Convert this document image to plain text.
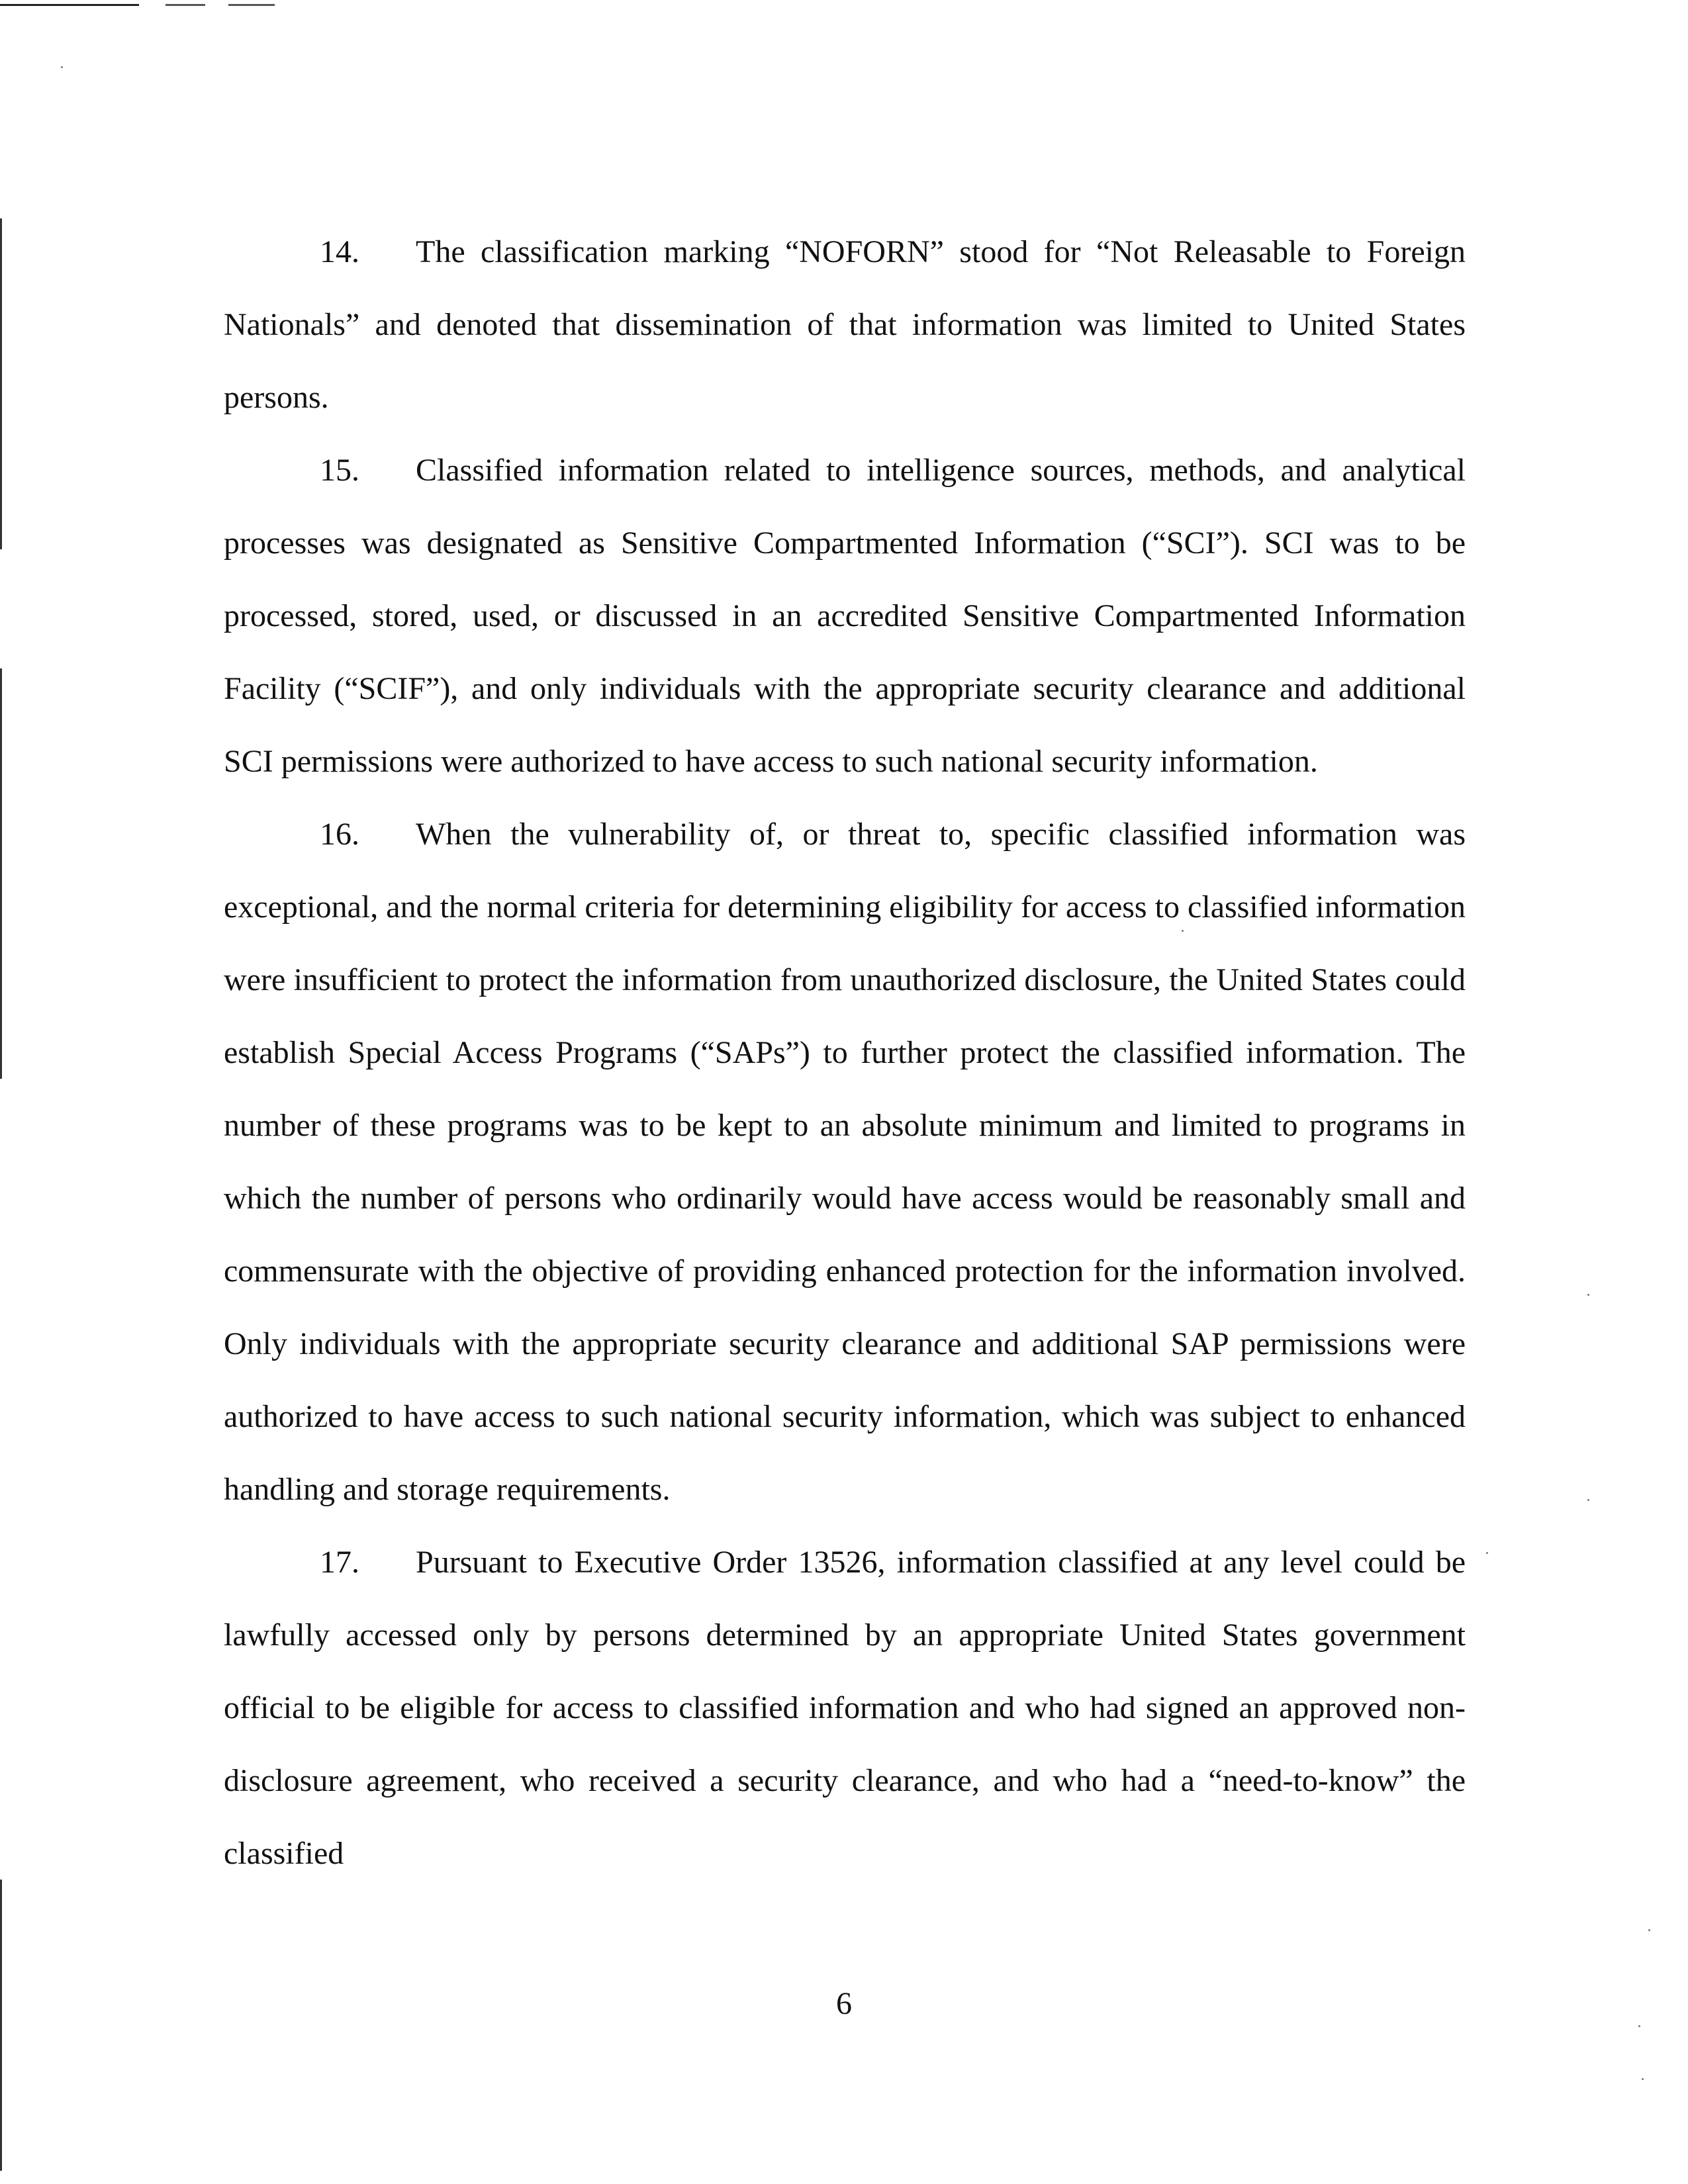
14. The classification marking “NOFORN” stood for “Not Releasable to Foreign Nationals” and denoted that dissemination of that information was limited to United States persons.

15. Classified information related to intelligence sources, methods, and analytical processes was designated as Sensitive Compartmented Information (“SCI”). SCI was to be processed, stored, used, or discussed in an accredited Sensitive Compartmented Information Facility (“SCIF”), and only individuals with the appropriate security clearance and additional SCI permissions were authorized to have access to such national security information.

16. When the vulnerability of, or threat to, specific classified information was exceptional, and the normal criteria for determining eligibility for access to classified information were insufficient to protect the information from unauthorized disclosure, the United States could establish Special Access Programs (“SAPs”) to further protect the classified information. The number of these programs was to be kept to an absolute minimum and limited to programs in which the number of persons who ordinarily would have access would be reasonably small and commensurate with the objective of providing enhanced protection for the information involved. Only individuals with the appropriate security clearance and additional SAP permissions were authorized to have access to such national security information, which was subject to enhanced handling and storage requirements.

17. Pursuant to Executive Order 13526, information classified at any level could be lawfully accessed only by persons determined by an appropriate United States government official to be eligible for access to classified information and who had signed an approved non-disclosure agreement, who received a security clearance, and who had a “need-to-know” the classified

6
